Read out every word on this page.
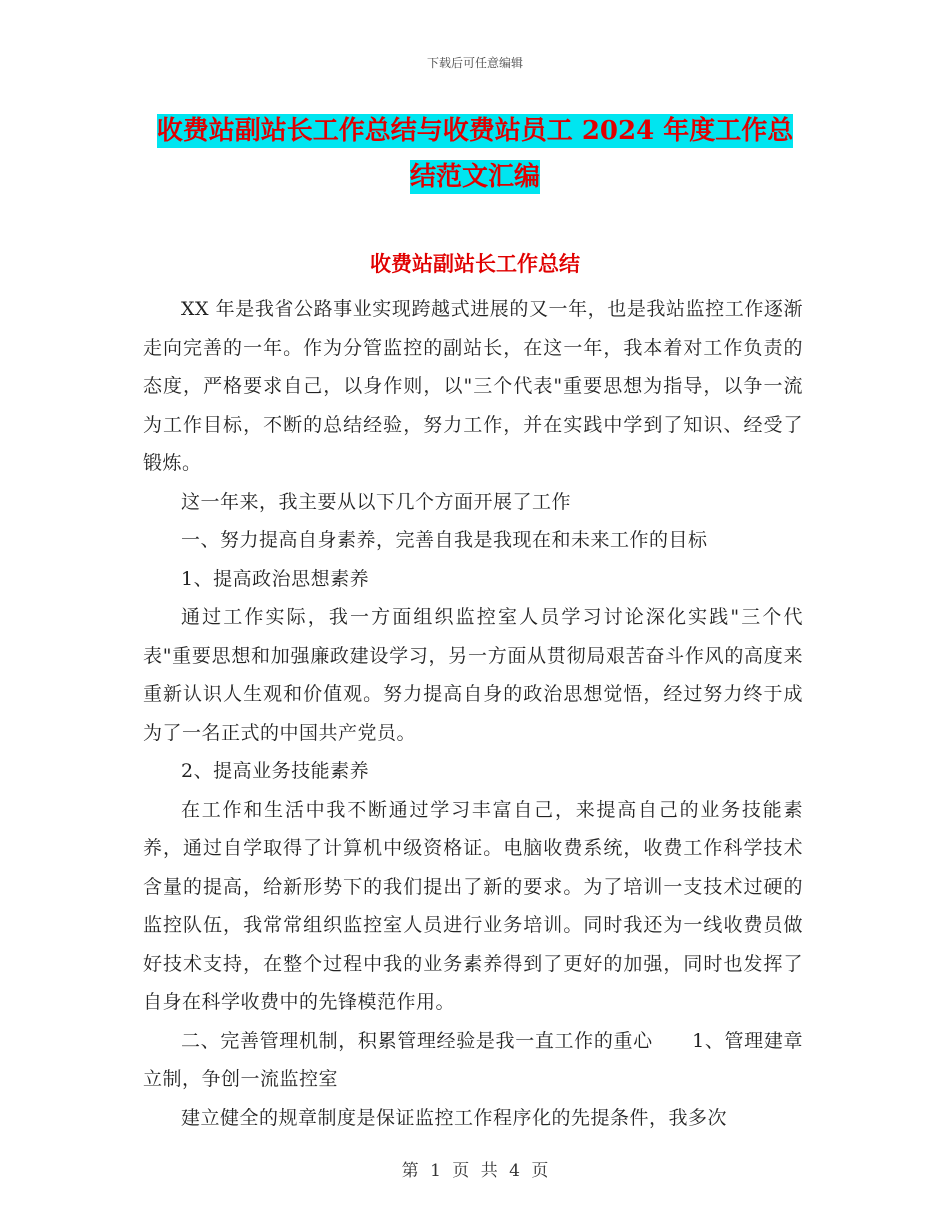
下载后可任意编辑
收费站副站长工作总结与收费站员工 2024 年度工作总
结范文汇编
收费站副站长工作总结

XX 年是我省公路事业实现跨越式进展的又一年，也是我站监控工作逐渐走向完善的一年。作为分管监控的副站长，在这一年，我本着对工作负责的态度，严格要求自己，以身作则，以"三个代表"重要思想为指导，以争一流为工作目标，不断的总结经验，努力工作，并在实践中学到了知识、经受了锻炼。

这一年来，我主要从以下几个方面开展了工作

一、努力提高自身素养，完善自我是我现在和未来工作的目标

1、提高政治思想素养

通过工作实际，我一方面组织监控室人员学习讨论深化实践"三个代表"重要思想和加强廉政建设学习，另一方面从贯彻局艰苦奋斗作风的高度来重新认识人生观和价值观。努力提高自身的政治思想觉悟，经过努力终于成为了一名正式的中国共产党员。

2、提高业务技能素养

在工作和生活中我不断通过学习丰富自己，来提高自己的业务技能素养，通过自学取得了计算机中级资格证。电脑收费系统，收费工作科学技术含量的提高，给新形势下的我们提出了新的要求。为了培训一支技术过硬的监控队伍，我常常组织监控室人员进行业务培训。同时我还为一线收费员做好技术支持，在整个过程中我的业务素养得到了更好的加强，同时也发挥了自身在科学收费中的先锋模范作用。

二、完善管理机制，积累管理经验是我一直工作的重心　　1、管理建章立制，争创一流监控室

建立健全的规章制度是保证监控工作程序化的先提条件，我多次

第 1 页 共 4 页
